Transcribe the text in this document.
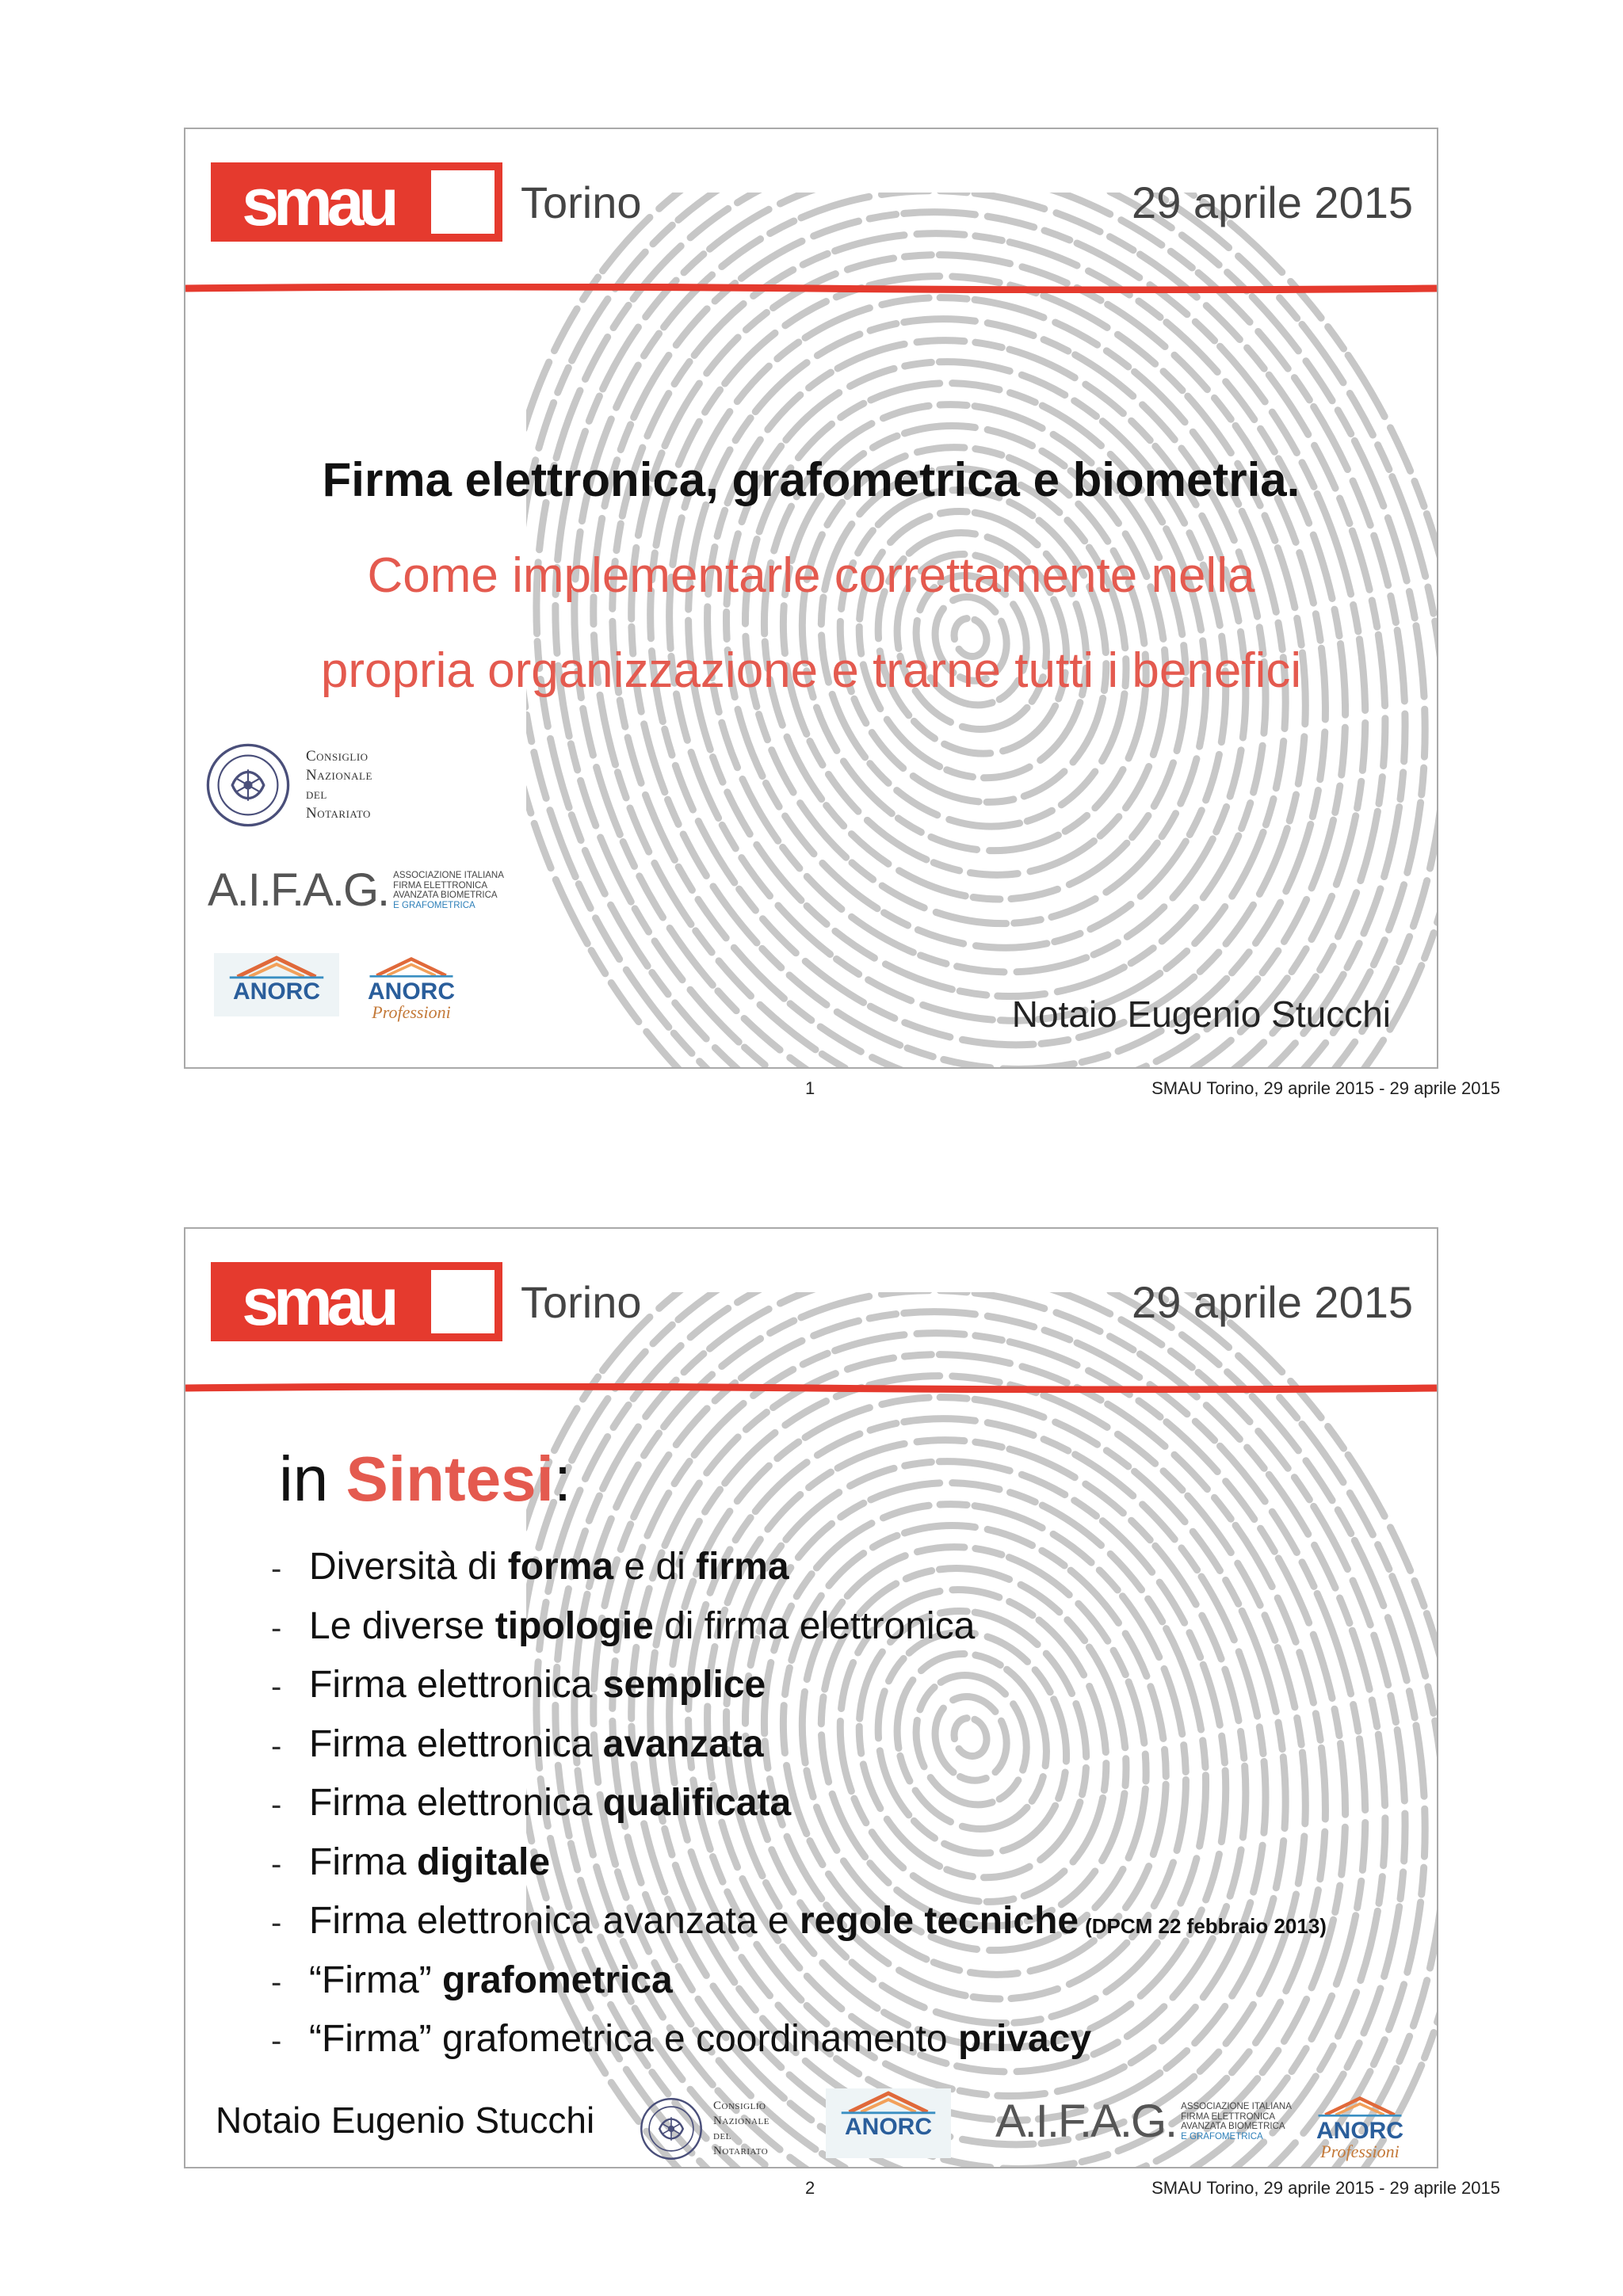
smau	Torino	29 aprile 2015
Firma elettronica, grafometrica e biometria.
Come implementarle correttamente nella
propria organizzazione e trarne tutti i benefici
Consiglio
Nazionale
del
Notariato
A.I.F.A.G. ASSOCIAZIONE ITALIANA
FIRMA ELETTRONICA
AVANZATA BIOMETRICA
E GRAFOMETRICA
ANORC	ANORC
Professioni	Notaio Eugenio Stucchi
1	SMAU Torino, 29 aprile 2015 - 29 aprile 2015
smau	Torino	29 aprile 2015
in Sintesi:
- Diversità di forma e di firma
- Le diverse tipologie di firma elettronica
- Firma elettronica semplice
- Firma elettronica avanzata
- Firma elettronica qualificata
- Firma digitale
- Firma elettronica avanzata e regole tecniche (DPCM 22 febbraio 2013)
- “Firma” grafometrica
- “Firma” grafometrica e coordinamento privacy
Notaio Eugenio Stucchi	Consiglio
Nazionale
del
Notariato
ANORC	A.I.F.A.G. ASSOCIAZIONE ITALIANA
FIRMA ELETTRONICA
AVANZATA BIOMETRICA
E GRAFOMETRICA	ANORC
Professioni
2	SMAU Torino, 29 aprile 2015 - 29 aprile 2015
